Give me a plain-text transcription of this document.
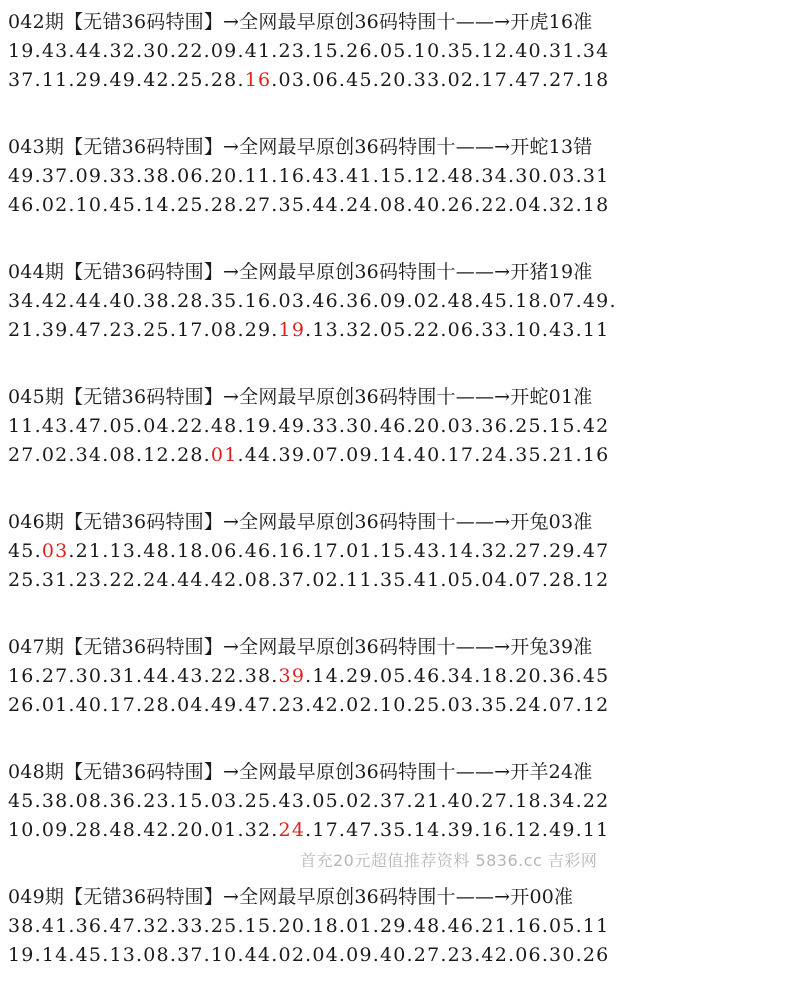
042期【无错36码特围】→全网最早原创36码特围十——→开虎16准
19.43.44.32.30.22.09.41.23.15.26.05.10.35.12.40.31.34
37.11.29.49.42.25.28.16.03.06.45.20.33.02.17.47.27.18
043期【无错36码特围】→全网最早原创36码特围十——→开蛇13错
49.37.09.33.38.06.20.11.16.43.41.15.12.48.34.30.03.31
46.02.10.45.14.25.28.27.35.44.24.08.40.26.22.04.32.18
044期【无错36码特围】→全网最早原创36码特围十——→开猪19准
34.42.44.40.38.28.35.16.03.46.36.09.02.48.45.18.07.49.
21.39.47.23.25.17.08.29.19.13.32.05.22.06.33.10.43.11
045期【无错36码特围】→全网最早原创36码特围十——→开蛇01准
11.43.47.05.04.22.48.19.49.33.30.46.20.03.36.25.15.42
27.02.34.08.12.28.01.44.39.07.09.14.40.17.24.35.21.16
046期【无错36码特围】→全网最早原创36码特围十——→开兔03准
45.03.21.13.48.18.06.46.16.17.01.15.43.14.32.27.29.47
25.31.23.22.24.44.42.08.37.02.11.35.41.05.04.07.28.12
047期【无错36码特围】→全网最早原创36码特围十——→开兔39准
16.27.30.31.44.43.22.38.39.14.29.05.46.34.18.20.36.45
26.01.40.17.28.04.49.47.23.42.02.10.25.03.35.24.07.12
048期【无错36码特围】→全网最早原创36码特围十——→开羊24准
45.38.08.36.23.15.03.25.43.05.02.37.21.40.27.18.34.22
10.09.28.48.42.20.01.32.24.17.47.35.14.39.16.12.49.11
049期【无错36码特围】→全网最早原创36码特围十——→开00准
38.41.36.47.32.33.25.15.20.18.01.29.48.46.21.16.05.11
19.14.45.13.08.37.10.44.02.04.09.40.27.23.42.06.30.26
首充20元超值推荐资料 5836.cc 吉彩网
